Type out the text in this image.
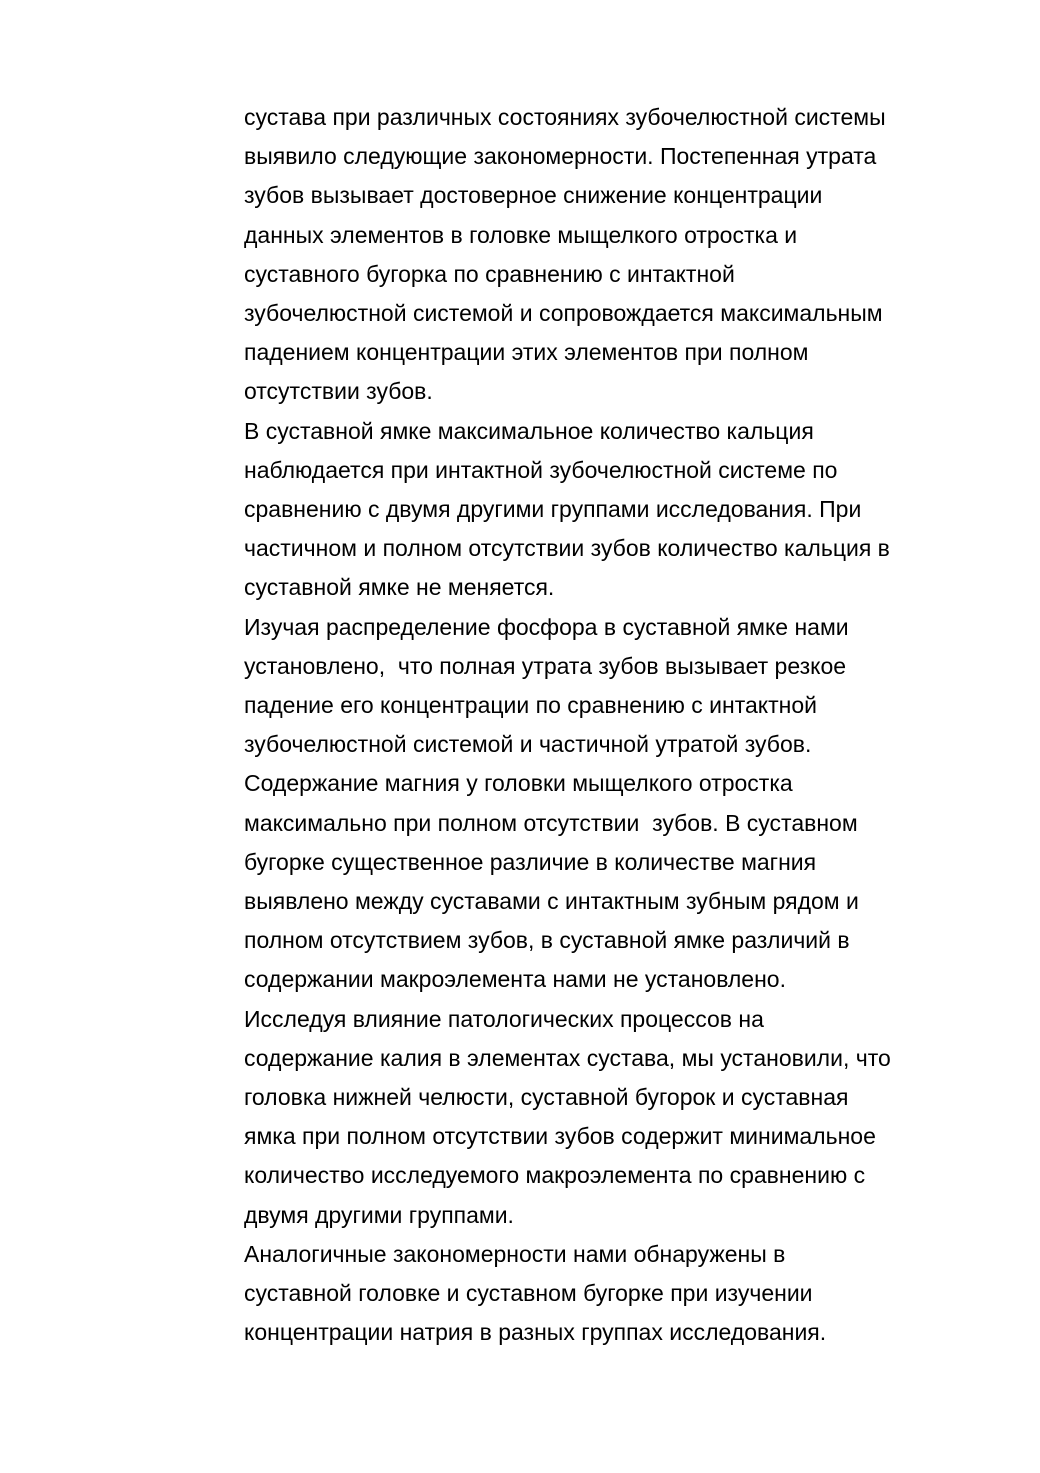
сустава при различных состояниях зубочелюстной системы
выявило следующие закономерности. Постепенная утрата
зубов вызывает достоверное снижение концентрации
данных элементов в головке мыщелкого отростка и
суставного бугорка по сравнению с интактной
зубочелюстной системой и сопровождается максимальным
падением концентрации этих элементов при полном
отсутствии зубов.
В суставной ямке максимальное количество кальция
наблюдается при интактной зубочелюстной системе по
сравнению с двумя другими группами исследования. При
частичном и полном отсутствии зубов количество кальция в
суставной ямке не меняется.
Изучая распределение фосфора в суставной ямке нами
установлено,  что полная утрата зубов вызывает резкое
падение его концентрации по сравнению с интактной
зубочелюстной системой и частичной утратой зубов.
Содержание магния у головки мыщелкого отростка
максимально при полном отсутствии  зубов. В суставном
бугорке существенное различие в количестве магния
выявлено между суставами с интактным зубным рядом и
полном отсутствием зубов, в суставной ямке различий в
содержании макроэлемента нами не установлено.
Исследуя влияние патологических процессов на
содержание калия в элементах сустава, мы установили, что
головка нижней челюсти, суставной бугорок и суставная
ямка при полном отсутствии зубов содержит минимальное
количество исследуемого макроэлемента по сравнению с
двумя другими группами.
Аналогичные закономерности нами обнаружены в
суставной головке и суставном бугорке при изучении
концентрации натрия в разных группах исследования.
